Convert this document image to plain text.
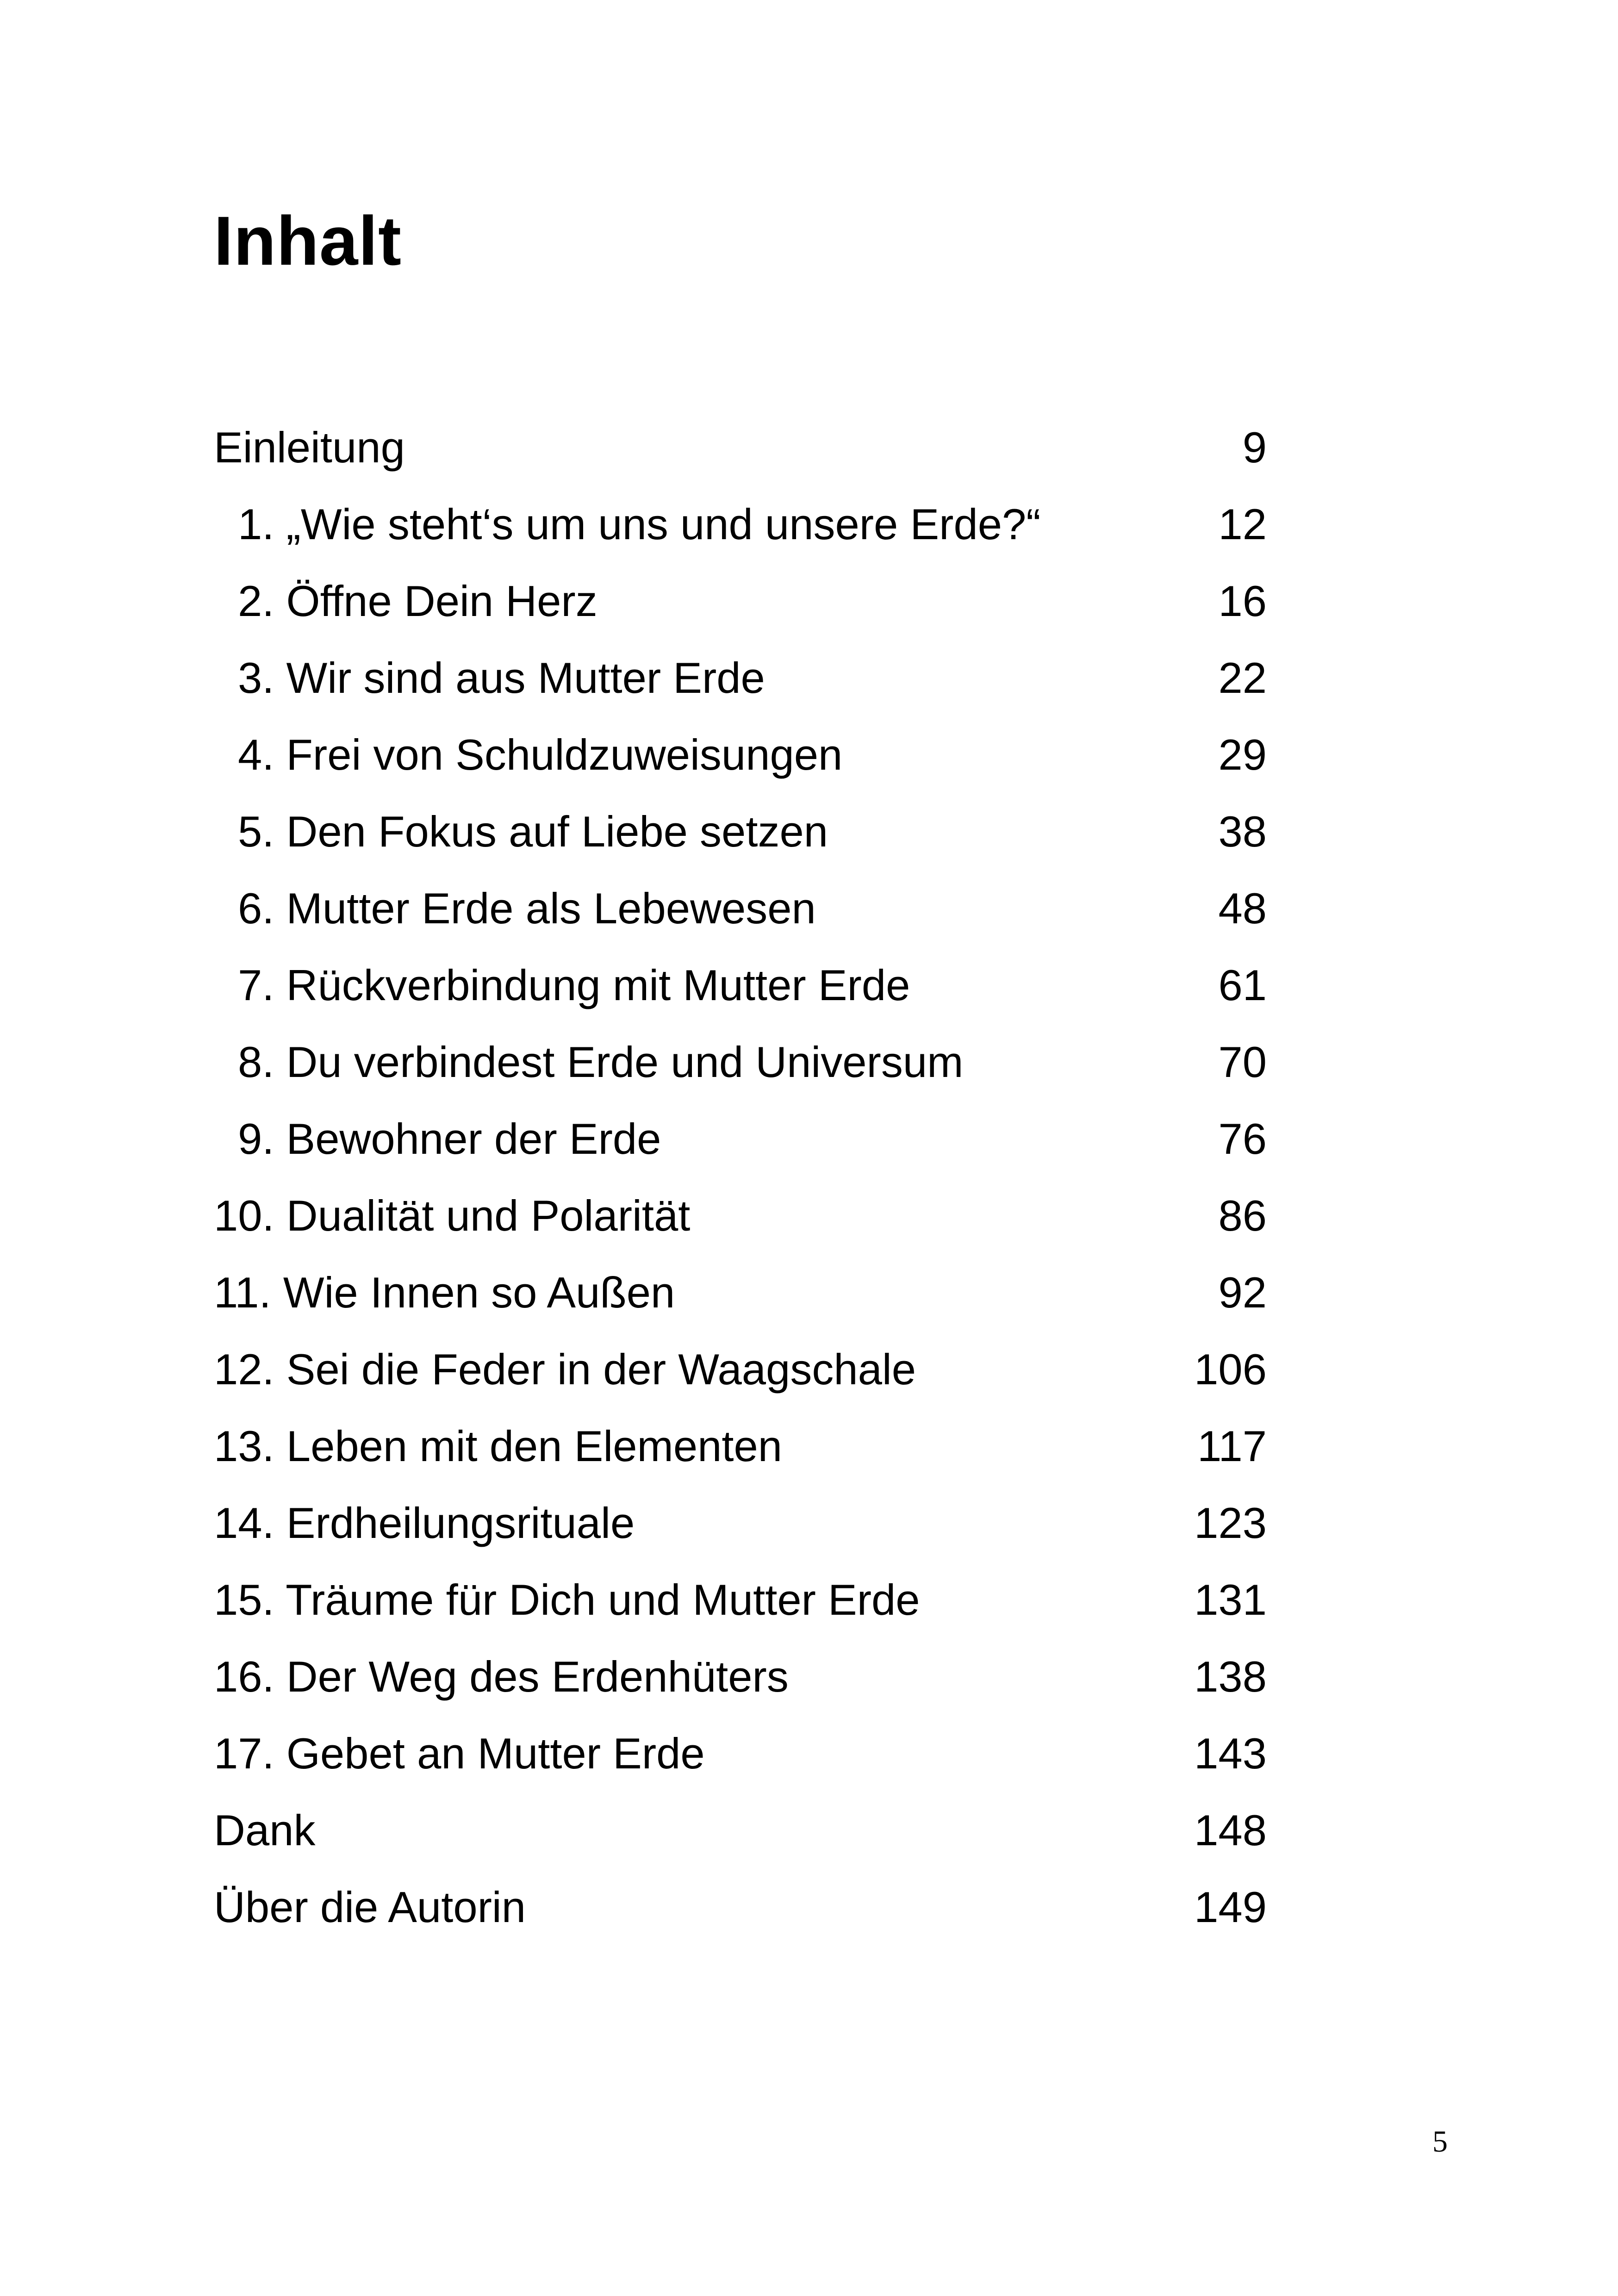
Inhalt
Einleitung	9
1. „Wie steht‘s um uns und unsere Erde?“	12
2. Öffne Dein Herz	16
3. Wir sind aus Mutter Erde	22
4. Frei von Schuldzuweisungen	29
5. Den Fokus auf Liebe setzen	38
6. Mutter Erde als Lebewesen	48
7. Rückverbindung mit Mutter Erde	61
8. Du verbindest Erde und Universum	70
9. Bewohner der Erde	76
10. Dualität und Polarität	86
11. Wie Innen so Außen	92
12. Sei die Feder in der Waagschale	106
13. Leben mit den Elementen	117
14. Erdheilungsrituale	123
15. Träume für Dich und Mutter Erde	131
16. Der Weg des Erdenhüters	138
17. Gebet an Mutter Erde	143
Dank	148
Über die Autorin	149
5
